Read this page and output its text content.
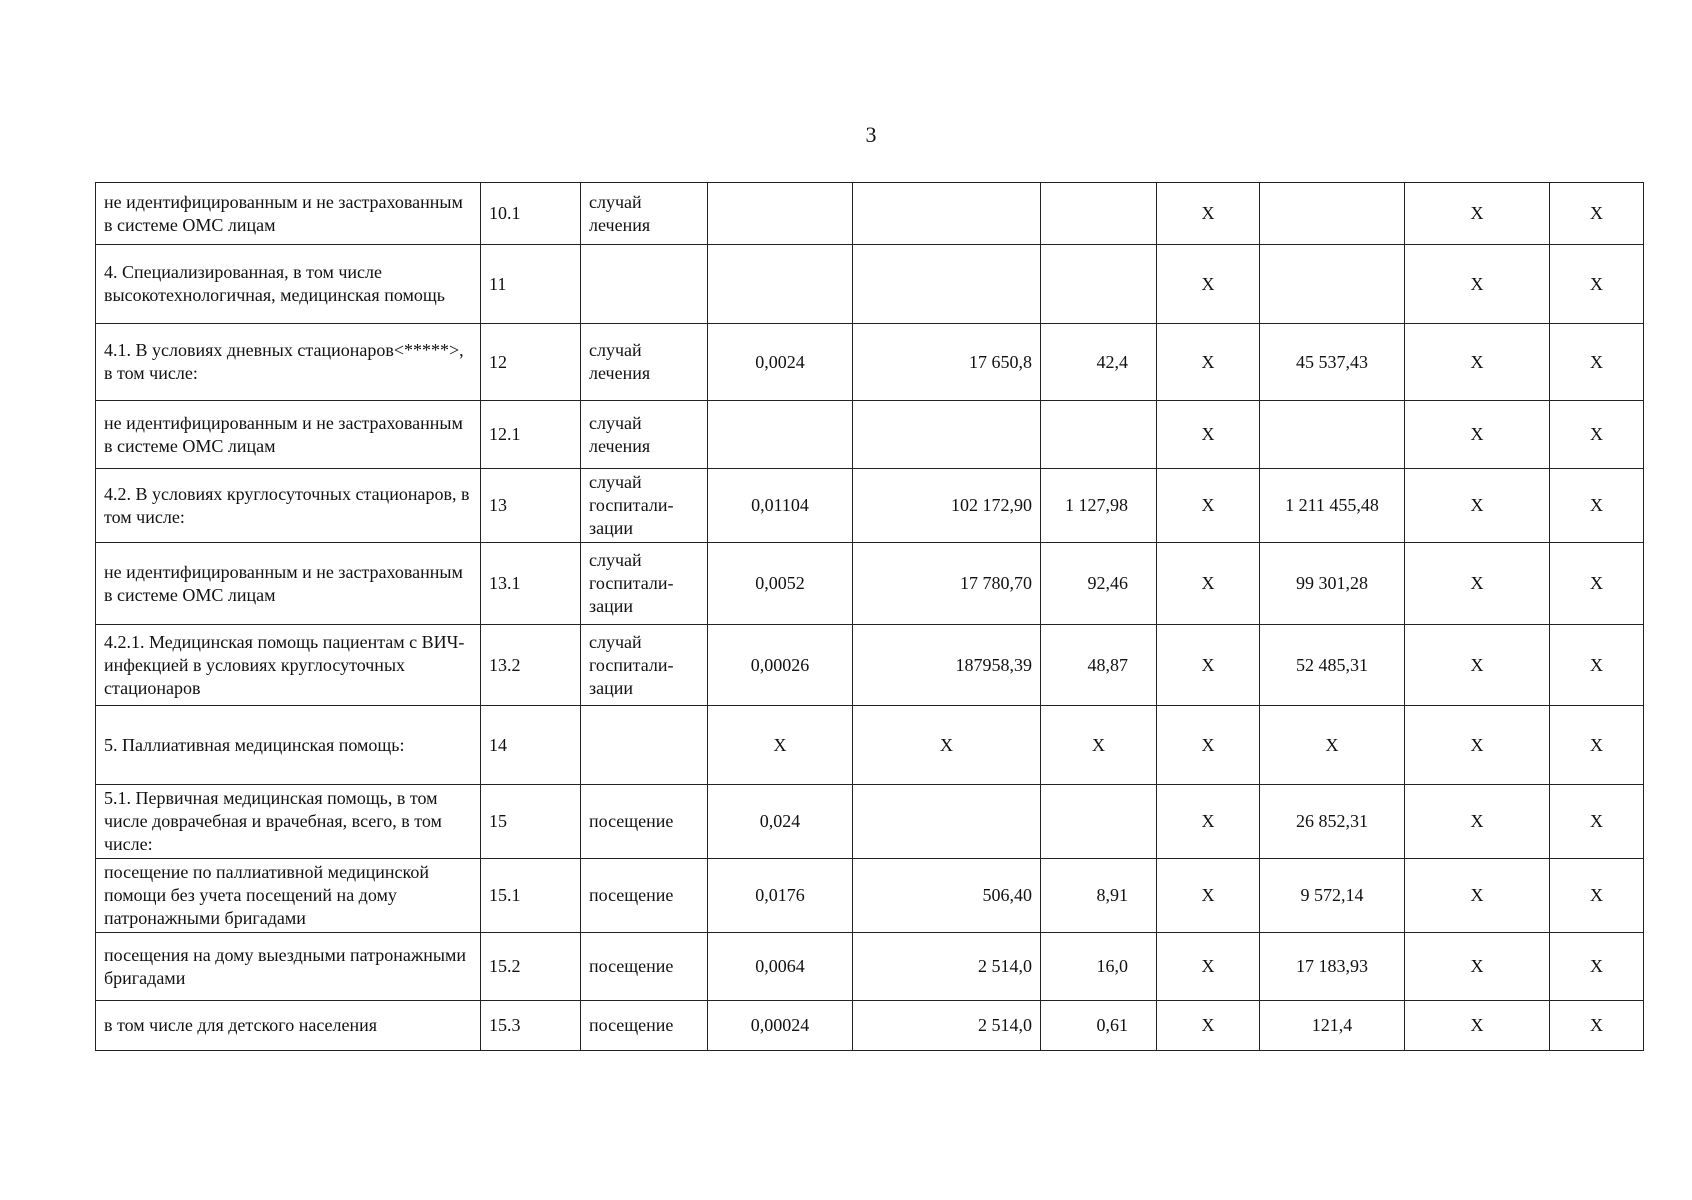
3
не идентифицированным и не застрахованным в системе ОМС лицам	10.1	случай лечения				X		X	X
4. Специализированная, в том числе высокотехнологичная, медицинская помощь	11					X		X	X
4.1. В условиях дневных стационаров<*****>, в том числе:	12	случай лечения	0,0024	17 650,8	42,4	X	45 537,43	X	X
не идентифицированным и не застрахованным в системе ОМС лицам	12.1	случай лечения				X		X	X
4.2. В условиях круглосуточных стационаров, в том числе:	13	случай госпитали-зации	0,01104	102 172,90	1 127,98	X	1 211 455,48	X	X
не идентифицированным и не застрахованным в системе ОМС лицам	13.1	случай госпитали-зации	0,0052	17 780,70	92,46	X	99 301,28	X	X
4.2.1. Медицинская помощь пациентам с ВИЧ-инфекцией в условиях круглосуточных стационаров	13.2	случай госпитали-зации	0,00026	187958,39	48,87	X	52 485,31	X	X
5. Паллиативная медицинская помощь:	14		X	X	X	X	X	X	X
5.1. Первичная медицинская помощь, в том числе доврачебная и врачебная, всего, в том числе:	15	посещение	0,024			X	26 852,31	X	X
посещение по паллиативной медицинской помощи без учета посещений на дому патронажными бригадами	15.1	посещение	0,0176	506,40	8,91	X	9 572,14	X	X
посещения на дому выездными патронажными бригадами	15.2	посещение	0,0064	2 514,0	16,0	X	17 183,93	X	X
в том числе для детского населения	15.3	посещение	0,00024	2 514,0	0,61	X	121,4	X	X
